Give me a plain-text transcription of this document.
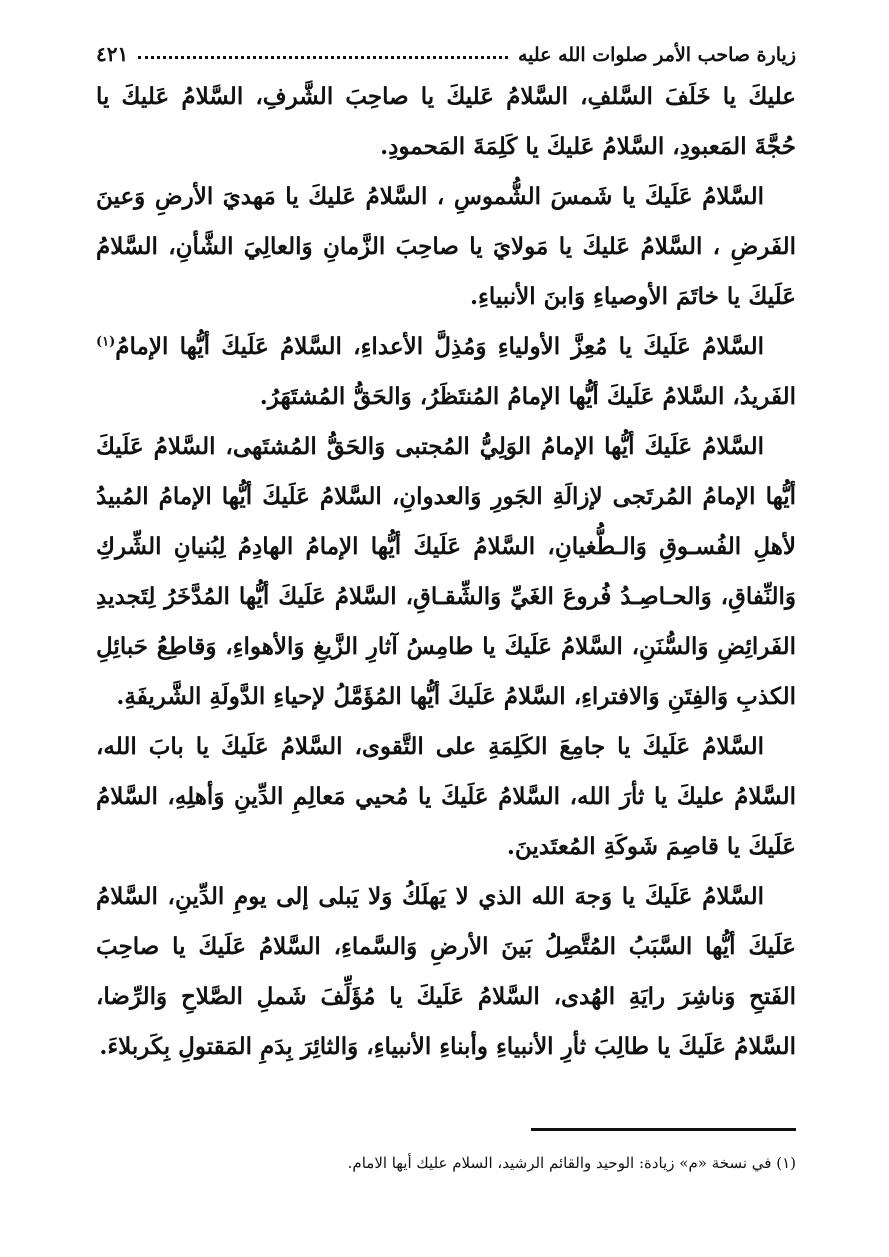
زيارة صاحب الأمر صلوات الله عليه
٤٢١

عليكَ يا خَلَفَ السَّلفِ، السَّلامُ عَليكَ يا صاحِبَ الشَّرفِ، السَّلامُ عَليكَ يا حُجَّةَ المَعبودِ، السَّلامُ عَليكَ يا كَلِمَةَ المَحمودِ.

السَّلامُ عَلَيكَ يا شَمسَ الشُّموسِ ، السَّلامُ عَليكَ يا مَهديَ الأرضِ وَعينَ الفَرضِ ، السَّلامُ عَليكَ يا مَولايَ يا صاحِبَ الزَّمانِ وَالعالِيَ الشَّأنِ، السَّلامُ عَلَيكَ يا خاتَمَ الأوصياءِ وَابنَ الأنبياءِ.

السَّلامُ عَلَيكَ يا مُعِزَّ الأولياءِ وَمُذِلَّ الأعداءِ، السَّلامُ عَلَيكَ أيُّها الإمامُ$^{(١)}$ الفَريدُ، السَّلامُ عَلَيكَ أيُّها الإمامُ المُنتَظَرُ، وَالحَقُّ المُشتَهَرُ.

السَّلامُ عَلَيكَ أيُّها الإمامُ الوَلِيُّ المُجتبى وَالحَقُّ المُشتَهى، السَّلامُ عَلَيكَ أيُّها الإمامُ المُرتَجى لإزالَةِ الجَورِ وَالعدوانِ، السَّلامُ عَلَيكَ أيُّها الإمامُ المُبيدُ لأهلِ الفُسـوقِ وَالـطُّغيانِ، السَّلامُ عَلَيكَ أيُّها الإمامُ الهادِمُ لِبُنيانِ الشِّركِ وَالنِّفاقِ، وَالحـاصِـدُ فُروعَ الغَيِّ وَالشِّقـاقِ، السَّلامُ عَلَيكَ أيُّها المُدَّخَرُ لِتَجديدِ الفَرائِضِ وَالسُّنَنِ، السَّلامُ عَلَيكَ يا طامِسُ آثارِ الزَّيغِ وَالأهواءِ، وَقاطِعُ حَبائِلِ الكذبِ وَالفِتَنِ وَالافتراءِ، السَّلامُ عَلَيكَ أيُّها المُؤَمَّلُ لإحياءِ الدَّولَةِ الشَّريفَةِ.

السَّلامُ عَلَيكَ يا جامِعَ الكَلِمَةِ على التَّقوى، السَّلامُ عَلَيكَ يا بابَ الله، السَّلامُ عليكَ يا ثأرَ الله، السَّلامُ عَلَيكَ يا مُحيي مَعالِمِ الدِّينِ وَأهلِهِ، السَّلامُ عَلَيكَ يا قاصِمَ شَوكَةِ المُعتَدينَ.

السَّلامُ عَلَيكَ يا وَجهَ الله الذي لا يَهلَكُ وَلا يَبلى إلى يومِ الدِّينِ، السَّلامُ عَلَيكَ أيُّها السَّبَبُ المُتَّصِلُ بَينَ الأرضِ وَالسَّماءِ، السَّلامُ عَلَيكَ يا صاحِبَ الفَتحِ وَناشِرَ رايَةِ الهُدى، السَّلامُ عَلَيكَ يا مُؤَلِّفَ شَملِ الصَّلاحِ وَالرِّضا، السَّلامُ عَلَيكَ يا طالِبَ ثأرِ الأنبياءِ وأبناءِ الأنبياءِ، وَالثائِرَ بِدَمِ المَقتولِ بِكَربلاءَ.

(١) في نسخة «م» زيادة: الوحيد والقائم الرشيد، السلام عليك أيها الامام.
